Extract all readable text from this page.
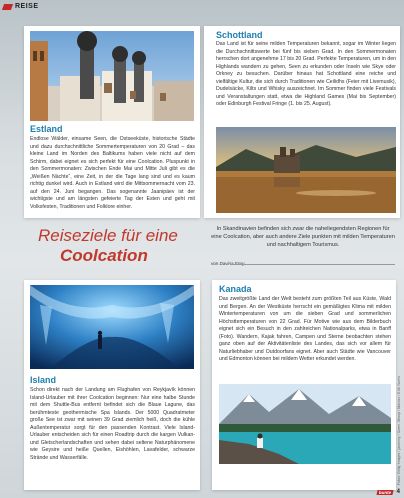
REISE
Estland
Endlose Wälder, einsame Seen, die Ostseeküste, historische Städte und dazu durchschnittliche Sommertemperaturen von 20 Grad – das kleine Land im Norden des Baltikums haben viele nicht auf dem Schirm, dabei eignet es sich perfekt für eine Coolcation. Pluspunkt in den Sommermonaten: Zwischen Ende Mai und Mitte Juli gibt es die „Weißen Nächte“, eine Zeit, in der die Tage lang sind und es kaum richtig dunkel wird. Auch in Estland wird die Mittsommernacht vom 23. auf den 24. Juni begangen. Das sogenannte Jaanipäev ist der wichtigste und am längsten gefeierte Tag der Esten und geht mit Volksfesten, Traditionen und Folklore einher.
Schottland
Das Land ist für seine milden Temperaturen bekannt, sogar im Winter liegen die Durchschnittswerte bei fünf bis sieben Grad. In den Sommermonaten herrschen dort angenehme 17 bis 20 Grad. Perfekte Temperaturen, um in den Highlands wandern zu gehen, Seen zu erkunden oder Inseln wie Skye oder Orkney zu besuchen. Darüber hinaus hat Schottland eine reiche und vielfältige Kultur, die sich durch Traditionen wie Ceilidhs (Feier mit Livemusik), Dudelsäcke, Kilts und Whisky auszeichnet. Im Sommer finden viele Festivals und Veranstaltungen statt, etwa die Highland Games (Mai bis September) oder Edinburgh Festival Fringe (1. bis 25. August).
Reiseziele für eine
Coolcation
In Skandinavien befinden sich zwar die naheliegendsten Regionen für eine Coolcation, aber auch andere Ziele punkten mit milden Temperaturen und nachhaltigem Tourismus.
von Davina Essy
Island
Schon direkt nach der Landung am Flughafen von Reykjavík können Island-Urlauber mit ihrer Coolcation beginnen: Nur eine halbe Stunde mit dem Shuttle-Bus entfernt befindet sich die Blaue Lagune, das berühmteste geothermische Spa Islands. Der 5000 Quadratmeter große See ist zwar mit seinen 39 Grad ziemlich heiß, doch die kühle Außentemperatur sorgt für den passenden Kontrast. Viele Island-Urlauber entscheiden sich für einen Roadtrip durch die kargen Vulkan- und Gletscherlandschaften und sehen dabei seltene Naturphänomene wie Geysire und heiße Quellen, Eishöhlen, Lavafelder, schwarze Strände und Wasserfälle.
Kanada
Das zweitgrößte Land der Welt besteht zum größten Teil aus Küste, Wald und Bergen. An der Westküste herrscht ein gemäßigtes Klima mit milden Wintertemperaturen von um die sieben Grad und sommerlichen Höchsttemperaturen von 22 Grad. Für Motive wie aus dem Bilderbuch eignet sich ein Besuch in den zahlreichen Nationalparks, etwa in Banff (Foto). Wandern, Kajak fahren, Campen und Sterne beobachten stehen ganz oben auf der Aktivitätenliste des Landes, das sich vor allem für Naturliebhaber und Outdoorfans eignet. Aber auch Städte wie Vancouver und Edmonton können bei mildem Wetter erkundet werden.
Fotos: Getty Images / jasonmy / Swen, Stroop / Marcus / E.M. Norris
bunte 4
